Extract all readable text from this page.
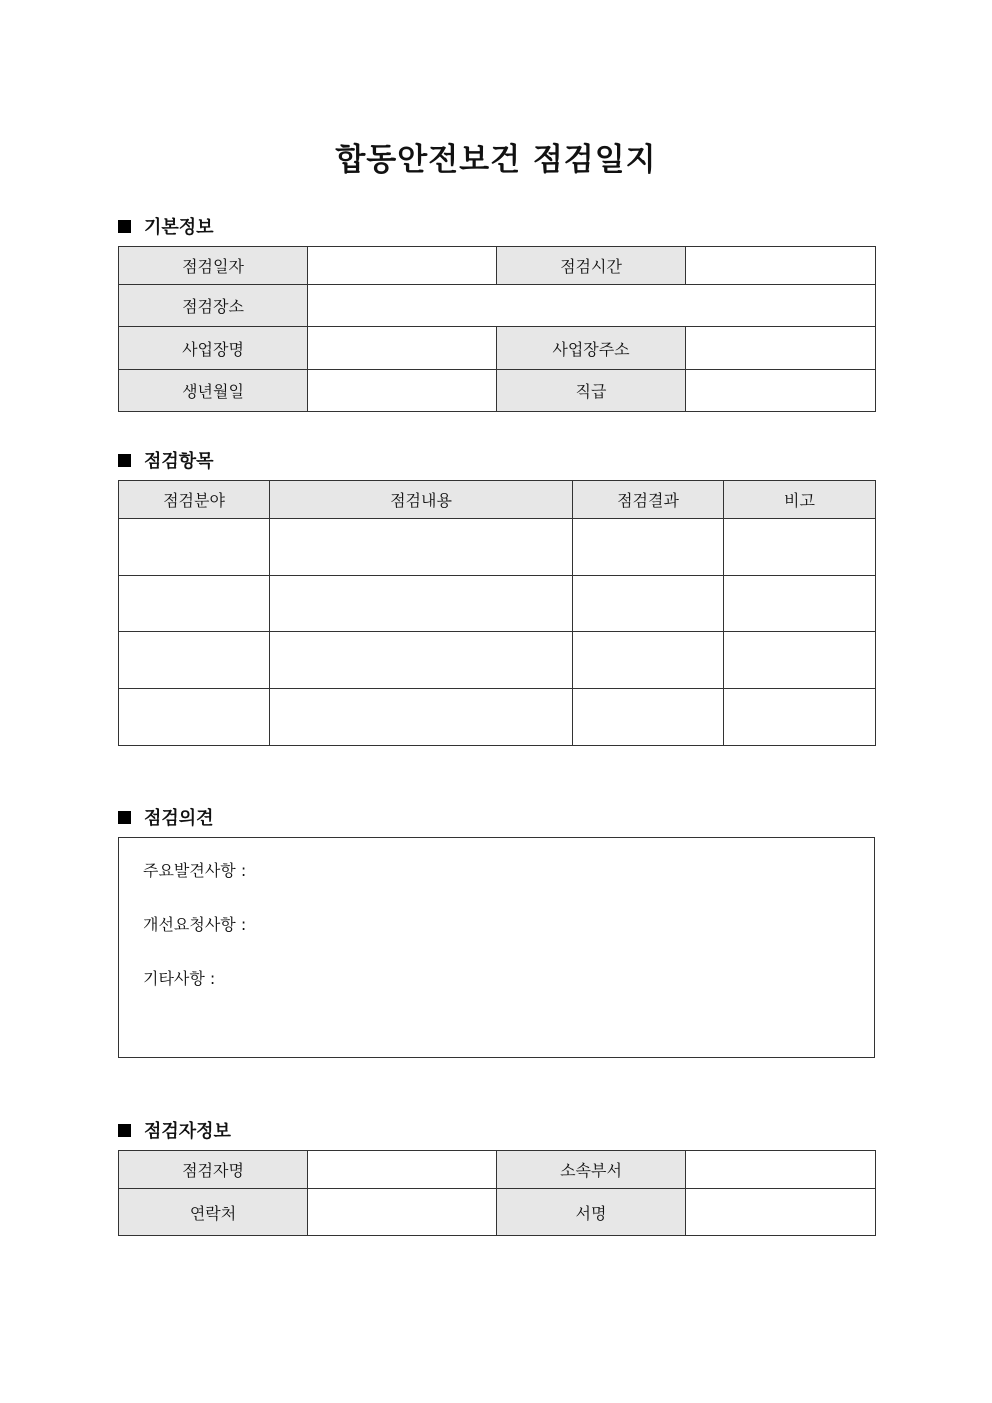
합동안전보건 점검일지
기본정보
점검일자		점검시간	
점검장소			
사업장명		사업장주소	
생년월일		직급	
점검항목
점검분야	점검내용	점검결과	비고

점검의견
주요발견사항 :
개선요청사항 :
기타사항 :
점검자정보
점검자명		소속부서	
연락처		서명	
